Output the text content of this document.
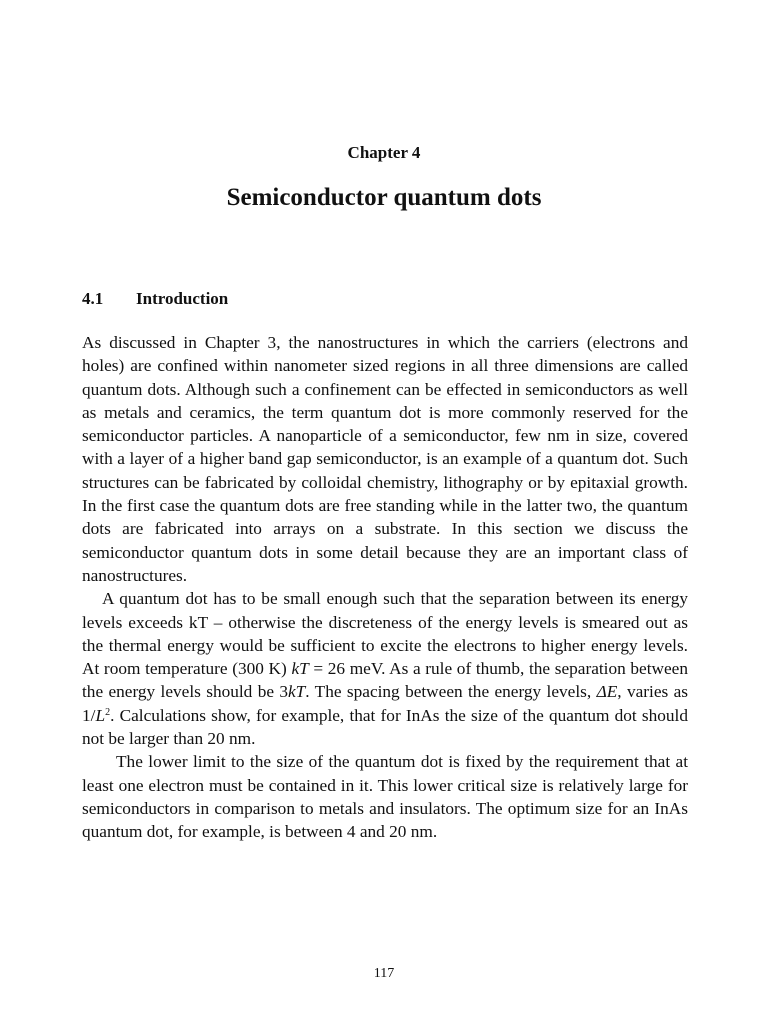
Chapter 4
Semiconductor quantum dots
4.1 Introduction

As discussed in Chapter 3, the nanostructures in which the carriers (electrons and holes) are confined within nanometer sized regions in all three dimensions are called quantum dots. Although such a confinement can be effected in semiconductors as well as metals and ceramics, the term quantum dot is more commonly reserved for the semiconductor particles. A nanoparticle of a semiconductor, few nm in size, covered with a layer of a higher band gap semiconductor, is an example of a quantum dot. Such structures can be fabricated by colloidal chemistry, lithography or by epitaxial growth. In the first case the quantum dots are free standing while in the latter two, the quantum dots are fabricated into arrays on a substrate. In this section we discuss the semiconductor quantum dots in some detail because they are an important class of nanostructures.

A quantum dot has to be small enough such that the separation between its energy levels exceeds kT – otherwise the discreteness of the energy levels is smeared out as the thermal energy would be sufficient to excite the electrons to higher energy levels. At room temperature (300 K) kT = 26 meV. As a rule of thumb, the separation between the energy levels should be 3kT. The spacing between the energy levels, ΔE, varies as $1/L^2$. Calculations show, for example, that for InAs the size of the quantum dot should not be larger than 20 nm.

The lower limit to the size of the quantum dot is fixed by the requirement that at least one electron must be contained in it. This lower critical size is relatively large for semiconductors in comparison to metals and insulators. The optimum size for an InAs quantum dot, for example, is between 4 and 20 nm.

117
